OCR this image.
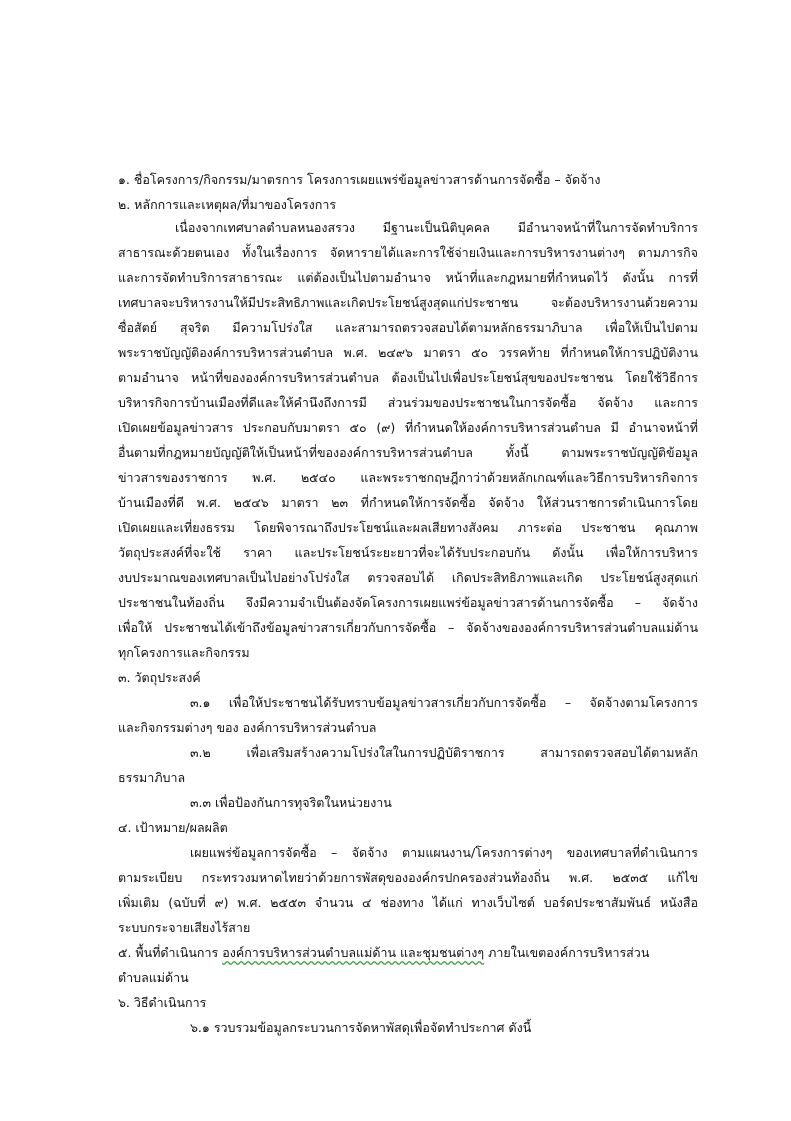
๑. ชื่อโครงการ/กิจกรรม/มาตรการ โครงการเผยแพร่ข้อมูลข่าวสารด้านการจัดซื้อ – จัดจ้าง
๒. หลักการและเหตุผล/ที่มาของโครงการ
เนื่องจากเทศบาลตำบลหนองสรวง มีฐานะเป็นนิติบุคคล มีอำนาจหน้าที่ในการจัดทำบริการ
สาธารณะด้วยตนเอง ทั้งในเรื่องการ จัดหารายได้และการใช้จ่ายเงินและการบริหารงานต่างๆ ตามภารกิจ
และการจัดทำบริการสาธารณะ แต่ต้องเป็นไปตามอำนาจ หน้าที่และกฎหมายที่กำหนดไว้ ดังนั้น การที่
เทศบาลจะบริหารงานให้มีประสิทธิภาพและเกิดประโยชน์สูงสุดแก่ประชาชน จะต้องบริหารงานด้วยความ
ซื่อสัตย์ สุจริต มีความโปร่งใส และสามารถตรวจสอบได้ตามหลักธรรมาภิบาล เพื่อให้เป็นไปตาม
พระราชบัญญัติองค์การบริหารส่วนตำบล พ.ศ. ๒๔๙๖ มาตรา ๕๐ วรรคท้าย ที่กำหนดให้การปฏิบัติงาน
ตามอำนาจ หน้าที่ขององค์การบริหารส่วนตำบล ต้องเป็นไปเพื่อประโยชน์สุขของประชาชน โดยใช้วิธีการ
บริหารกิจการบ้านเมืองที่ดีและให้คำนึงถึงการมี ส่วนร่วมของประชาชนในการจัดซื้อ จัดจ้าง และการ
เปิดเผยข้อมูลข่าวสาร ประกอบกับมาตรา ๕๐ (๙) ที่กำหนดให้องค์การบริหารส่วนตำบล มี อำนาจหน้าที่
อื่นตามที่กฎหมายบัญญัติให้เป็นหน้าที่ขององค์การบริหารส่วนตำบล ทั้งนี้ ตามพระราชบัญญัติข้อมูล
ข่าวสารของราชการ พ.ศ. ๒๕๔๐ และพระราชกฤษฎีกาว่าด้วยหลักเกณฑ์และวิธีการบริหารกิจการ
บ้านเมืองที่ดี พ.ศ. ๒๕๔๖ มาตรา ๒๓ ที่กำหนดให้การจัดซื้อ จัดจ้าง ให้ส่วนราชการดำเนินการโดย
เปิดเผยและเที่ยงธรรม โดยพิจารณาถึงประโยชน์และผลเสียทางสังคม ภาระต่อ ประชาชน คุณภาพ
วัตถุประสงค์ที่จะใช้ ราคา และประโยชน์ระยะยาวที่จะได้รับประกอบกัน ดังนั้น เพื่อให้การบริหาร
งบประมาณของเทศบาลเป็นไปอย่างโปร่งใส ตรวจสอบได้ เกิดประสิทธิภาพและเกิด ประโยชน์สูงสุดแก่
ประชาชนในท้องถิ่น จึงมีความจำเป็นต้องจัดโครงการเผยแพร่ข้อมูลข่าวสารด้านการจัดซื้อ – จัดจ้าง
เพื่อให้ ประชาชนได้เข้าถึงข้อมูลข่าวสารเกี่ยวกับการจัดซื้อ – จัดจ้างขององค์การบริหารส่วนตำบลแม่ด้าน
ทุกโครงการและกิจกรรม
๓. วัตถุประสงค์
๓.๑ เพื่อให้ประชาชนได้รับทราบข้อมูลข่าวสารเกี่ยวกับการจัดซื้อ – จัดจ้างตามโครงการ
และกิจกรรมต่างๆ ของ องค์การบริหารส่วนตำบล
๓.๒ เพื่อเสริมสร้างความโปร่งใสในการปฏิบัติราชการ สามารถตรวจสอบได้ตามหลัก
ธรรมาภิบาล
๓.๓ เพื่อป้องกันการทุจริตในหน่วยงาน
๔. เป้าหมาย/ผลผลิต
เผยแพร่ข้อมูลการจัดซื้อ – จัดจ้าง ตามแผนงาน/โครงการต่างๆ ของเทศบาลที่ดำเนินการ
ตามระเบียบ กระทรวงมหาดไทยว่าด้วยการพัสดุขององค์กรปกครองส่วนท้องถิ่น พ.ศ. ๒๕๓๕ แก้ไข
เพิ่มเติม (ฉบับที่ ๙) พ.ศ. ๒๕๕๓ จำนวน ๔ ช่องทาง ได้แก่ ทางเว็บไซต์ บอร์ดประชาสัมพันธ์ หนังสือ
ระบบกระจายเสียงไร้สาย
๕. พื้นที่ดำเนินการ องค์การบริหารส่วนตำบลแม่ด้าน และชุมชนต่างๆ ภายในเขตองค์การบริหารส่วน
ตำบลแม่ด้าน
๖. วิธีดำเนินการ
๖.๑ รวบรวมข้อมูลกระบวนการจัดหาพัสดุเพื่อจัดทำประกาศ ดังนี้
